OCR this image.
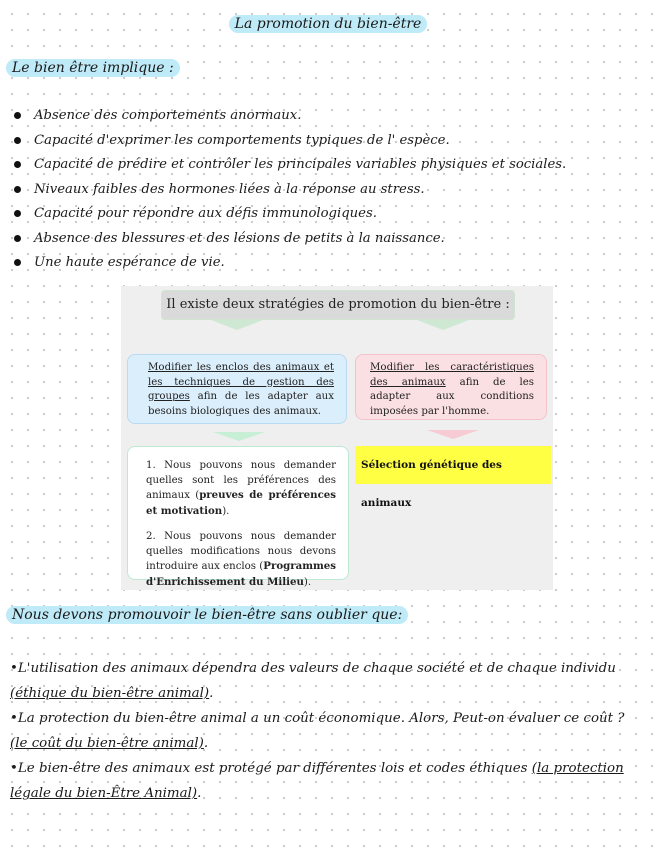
La promotion du bien-être
Le bien être implique :
Absence des comportements anormaux.
Capacité d'exprimer les comportements typiques de l' espèce.
Capacité de prédire et contrôler les principales variables physiques et sociales.
Niveaux faibles des hormones liées à la réponse au stress.
Capacité pour répondre aux défis immunologiques.
Absence des blessures et des lésions de petits à la naissance.
Une haute espérance de vie.
Il existe deux stratégies de promotion du bien-être :
Modifier les enclos des animaux et les techniques de gestion des groupes afin de les adapter aux besoins biologiques des animaux.
Modifier les caractéristiques des animaux afin de les adapter aux conditions imposées par l'homme.

1. Nous pouvons nous demander quelles sont les préférences des animaux (preuves de préférences et motivation).

2. Nous pouvons nous demander quelles modifications nous devons introduire aux enclos (Programmes d'Enrichissement du Milieu).

Sélection génétique des animaux
Nous devons promouvoir le bien-être sans oublier que:

•L'utilisation des animaux dépendra des valeurs de chaque société et de chaque individu (éthique du bien-être animal).

•La protection du bien-être animal a un coût économique. Alors, Peut-on évaluer ce coût ? (le coût du bien-être animal).

•Le bien-être des animaux est protégé par différentes lois et codes éthiques (la protection légale du bien-Être Animal).
